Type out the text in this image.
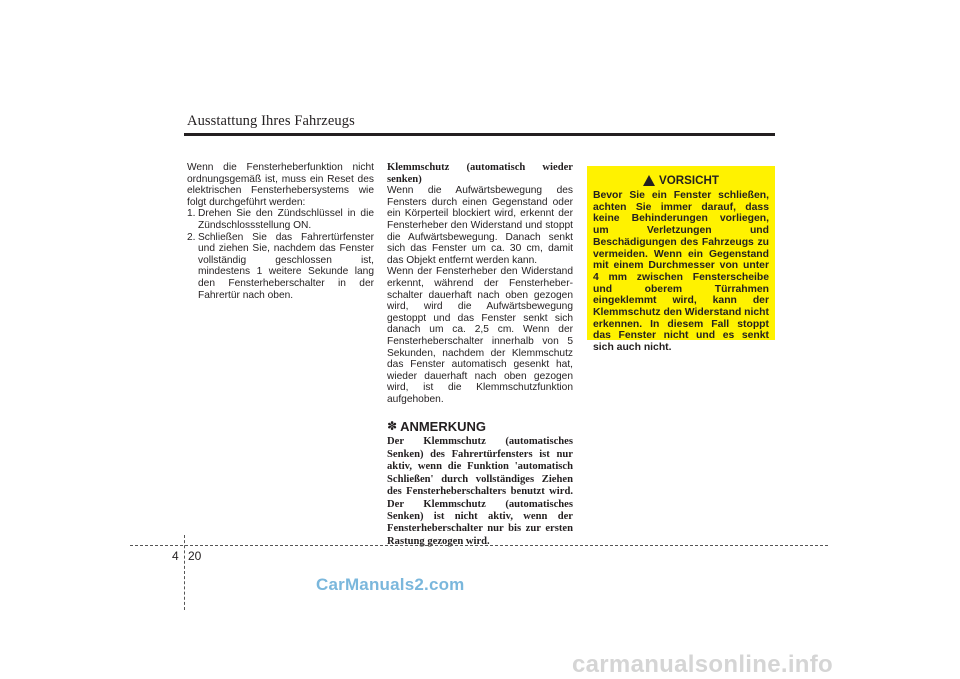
Ausstattung Ihres Fahrzeugs

Wenn die Fensterheberfunktion nicht ordnungsgemäß ist, muss ein Reset des elektrischen Fensterhebersystems wie folgt durchgeführt werden:

1. Drehen Sie den Zündschlüssel in die Zündschlossstellung ON.
2. Schließen Sie das Fahrertürfenster und ziehen Sie, nachdem das Fenster vollständig geschlossen ist, mindestens 1 weitere Sekunde lang den Fensterheberschalter in der Fahrertür nach oben.

Klemmschutz (automatisch wieder senken)

Wenn die Aufwärtsbewegung des Fensters durch einen Gegenstand oder ein Körperteil blockiert wird, erkennt der Fensterheber den Widerstand und stoppt die Aufwärtsbewegung. Danach senkt sich das Fenster um ca. 30 cm, damit das Objekt entfernt werden kann.

Wenn der Fensterheber den Widerstand erkennt, während der Fensterheber-schalter dauerhaft nach oben gezogen wird, wird die Aufwärtsbewegung gestoppt und das Fenster senkt sich danach um ca. 2,5 cm. Wenn der Fensterheberschalter innerhalb von 5 Sekunden, nachdem der Klemmschutz das Fenster automatisch gesenkt hat, wieder dauerhaft nach oben gezogen wird, ist die Klemmschutzfunktion aufgehoben.

✽ ANMERKUNG

Der Klemmschutz (automatisches Senken) des Fahrertürfensters ist nur aktiv, wenn die Funktion 'automatisch Schließen' durch vollständiges Ziehen des Fensterheberschalters benutzt wird. Der Klemmschutz (automatisches Senken) ist nicht aktiv, wenn der Fensterheberschalter nur bis zur ersten Rastung gezogen wird.

VORSICHT
Bevor Sie ein Fenster schließen, achten Sie immer darauf, dass keine Behinderungen vorliegen, um Verletzungen und Beschädigungen des Fahrzeugs zu vermeiden. Wenn ein Gegenstand mit einem Durchmesser von unter 4 mm zwischen Fensterscheibe und oberem Türrahmen eingeklemmt wird, kann der Klemmschutz den Widerstand nicht erkennen. In diesem Fall stoppt das Fenster nicht und es senkt sich auch nicht.
4 20
CarManuals2.com
carmanualsonline.info
